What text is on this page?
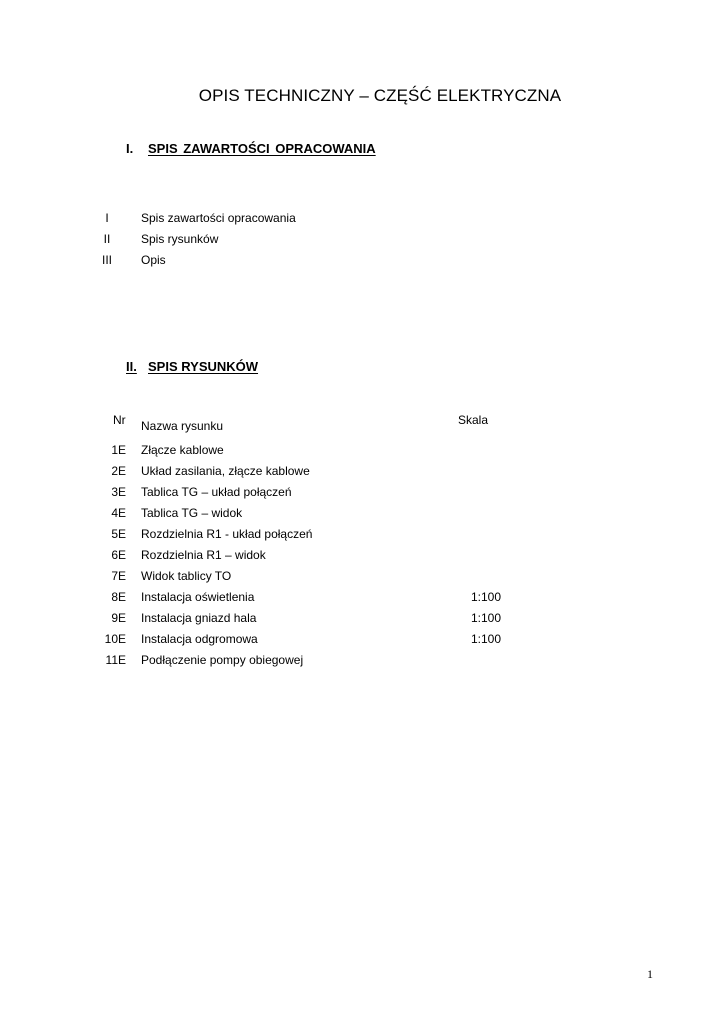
OPIS TECHNICZNY – CZĘŚĆ ELEKTRYCZNA
I. SPIS ZAWARTOŚCI OPRACOWANIA
I	Spis zawartości opracowania
II	Spis rysunków
III	Opis
II. SPIS RYSUNKÓW
Nr Nazwa rysunku	Skala
1E Złącze kablowe
2E Układ zasilania, złącze kablowe
3E Tablica TG – układ połączeń
4E Tablica TG – widok
5E Rozdzielnia R1 - układ połączeń
6E Rozdzielnia R1 – widok
7E Widok tablicy TO
8E Instalacja oświetlenia	1:100
9E Instalacja gniazd hala	1:100
10E Instalacja odgromowa	1:100
11E Podłączenie pompy obiegowej
1
